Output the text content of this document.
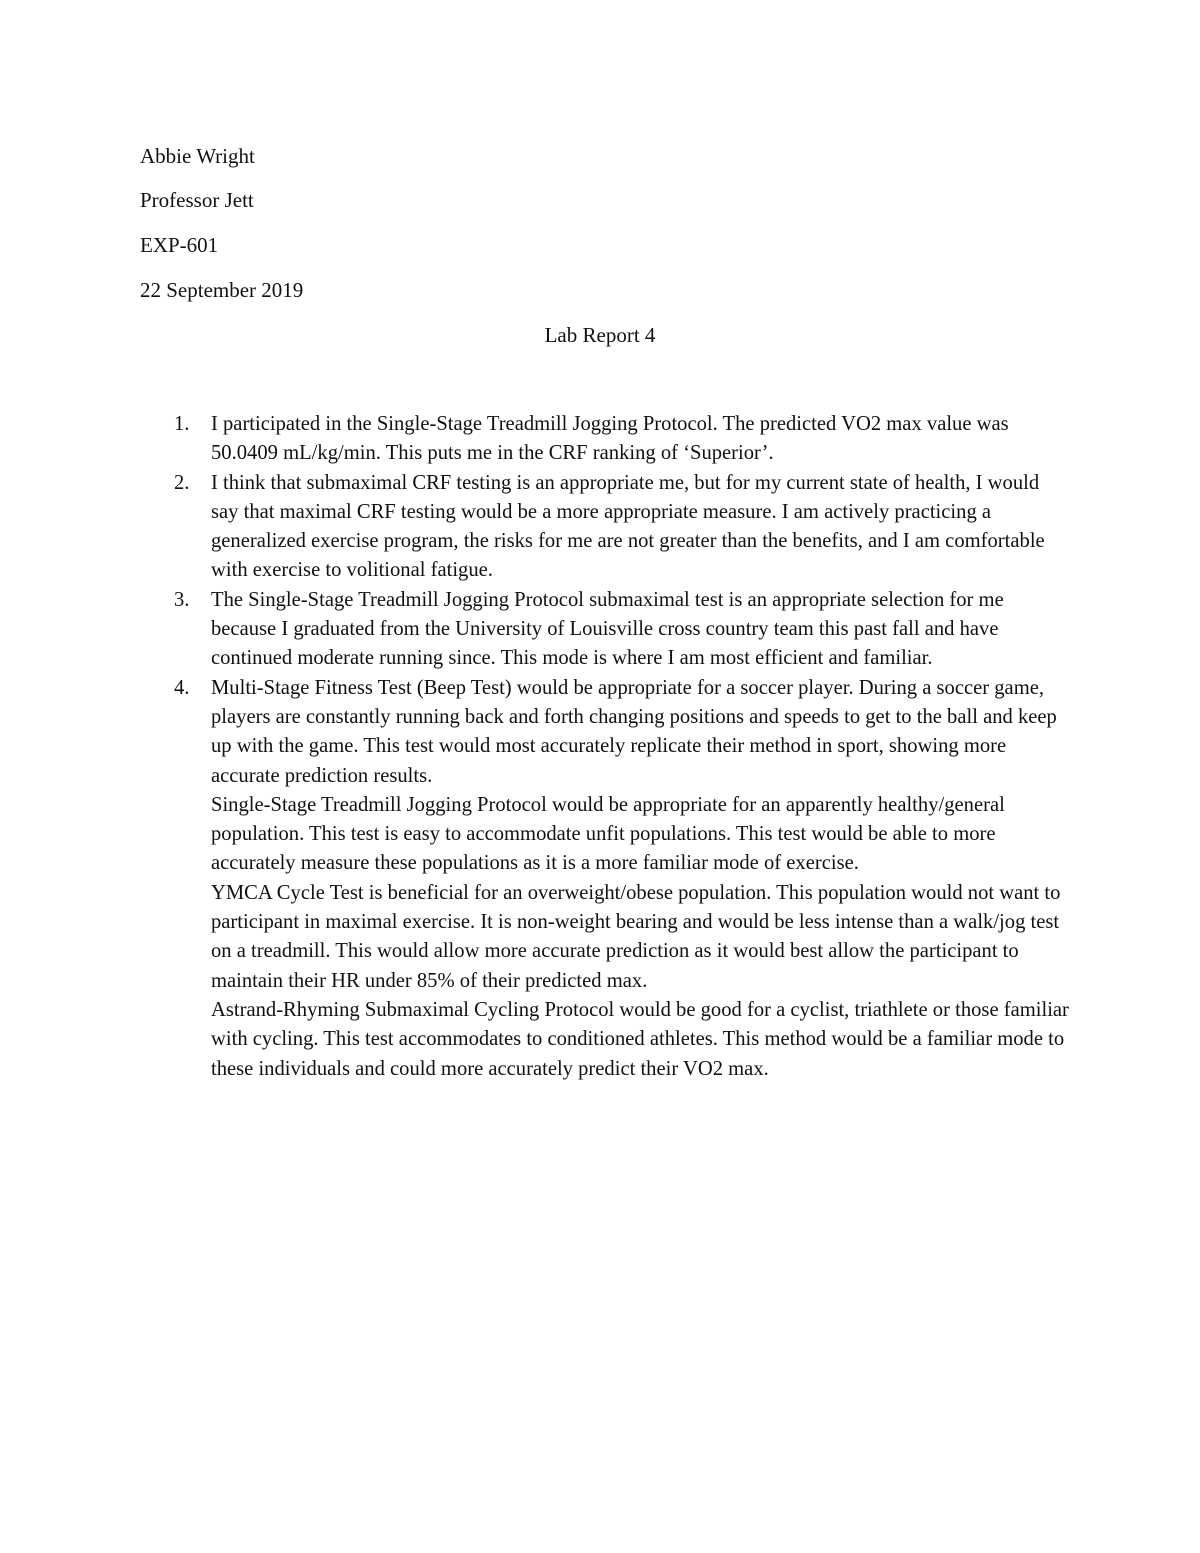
Abbie Wright
Professor Jett
EXP-601
22 September 2019
Lab Report 4
1. I participated in the Single-Stage Treadmill Jogging Protocol. The predicted VO2 max value was 50.0409 mL/kg/min. This puts me in the CRF ranking of ‘Superior’.
2. I think that submaximal CRF testing is an appropriate me, but for my current state of health, I would say that maximal CRF testing would be a more appropriate measure. I am actively practicing a generalized exercise program, the risks for me are not greater than the benefits, and I am comfortable with exercise to volitional fatigue.
3. The Single-Stage Treadmill Jogging Protocol submaximal test is an appropriate selection for me because I graduated from the University of Louisville cross country team this past fall and have continued moderate running since. This mode is where I am most efficient and familiar.
4. Multi-Stage Fitness Test (Beep Test) would be appropriate for a soccer player. During a soccer game, players are constantly running back and forth changing positions and speeds to get to the ball and keep up with the game. This test would most accurately replicate their method in sport, showing more accurate prediction results.
Single-Stage Treadmill Jogging Protocol would be appropriate for an apparently healthy/general population. This test is easy to accommodate unfit populations. This test would be able to more accurately measure these populations as it is a more familiar mode of exercise.
YMCA Cycle Test is beneficial for an overweight/obese population. This population would not want to participant in maximal exercise. It is non-weight bearing and would be less intense than a walk/jog test on a treadmill. This would allow more accurate prediction as it would best allow the participant to maintain their HR under 85% of their predicted max.
Astrand-Rhyming Submaximal Cycling Protocol would be good for a cyclist, triathlete or those familiar with cycling. This test accommodates to conditioned athletes. This method would be a familiar mode to these individuals and could more accurately predict their VO2 max.
